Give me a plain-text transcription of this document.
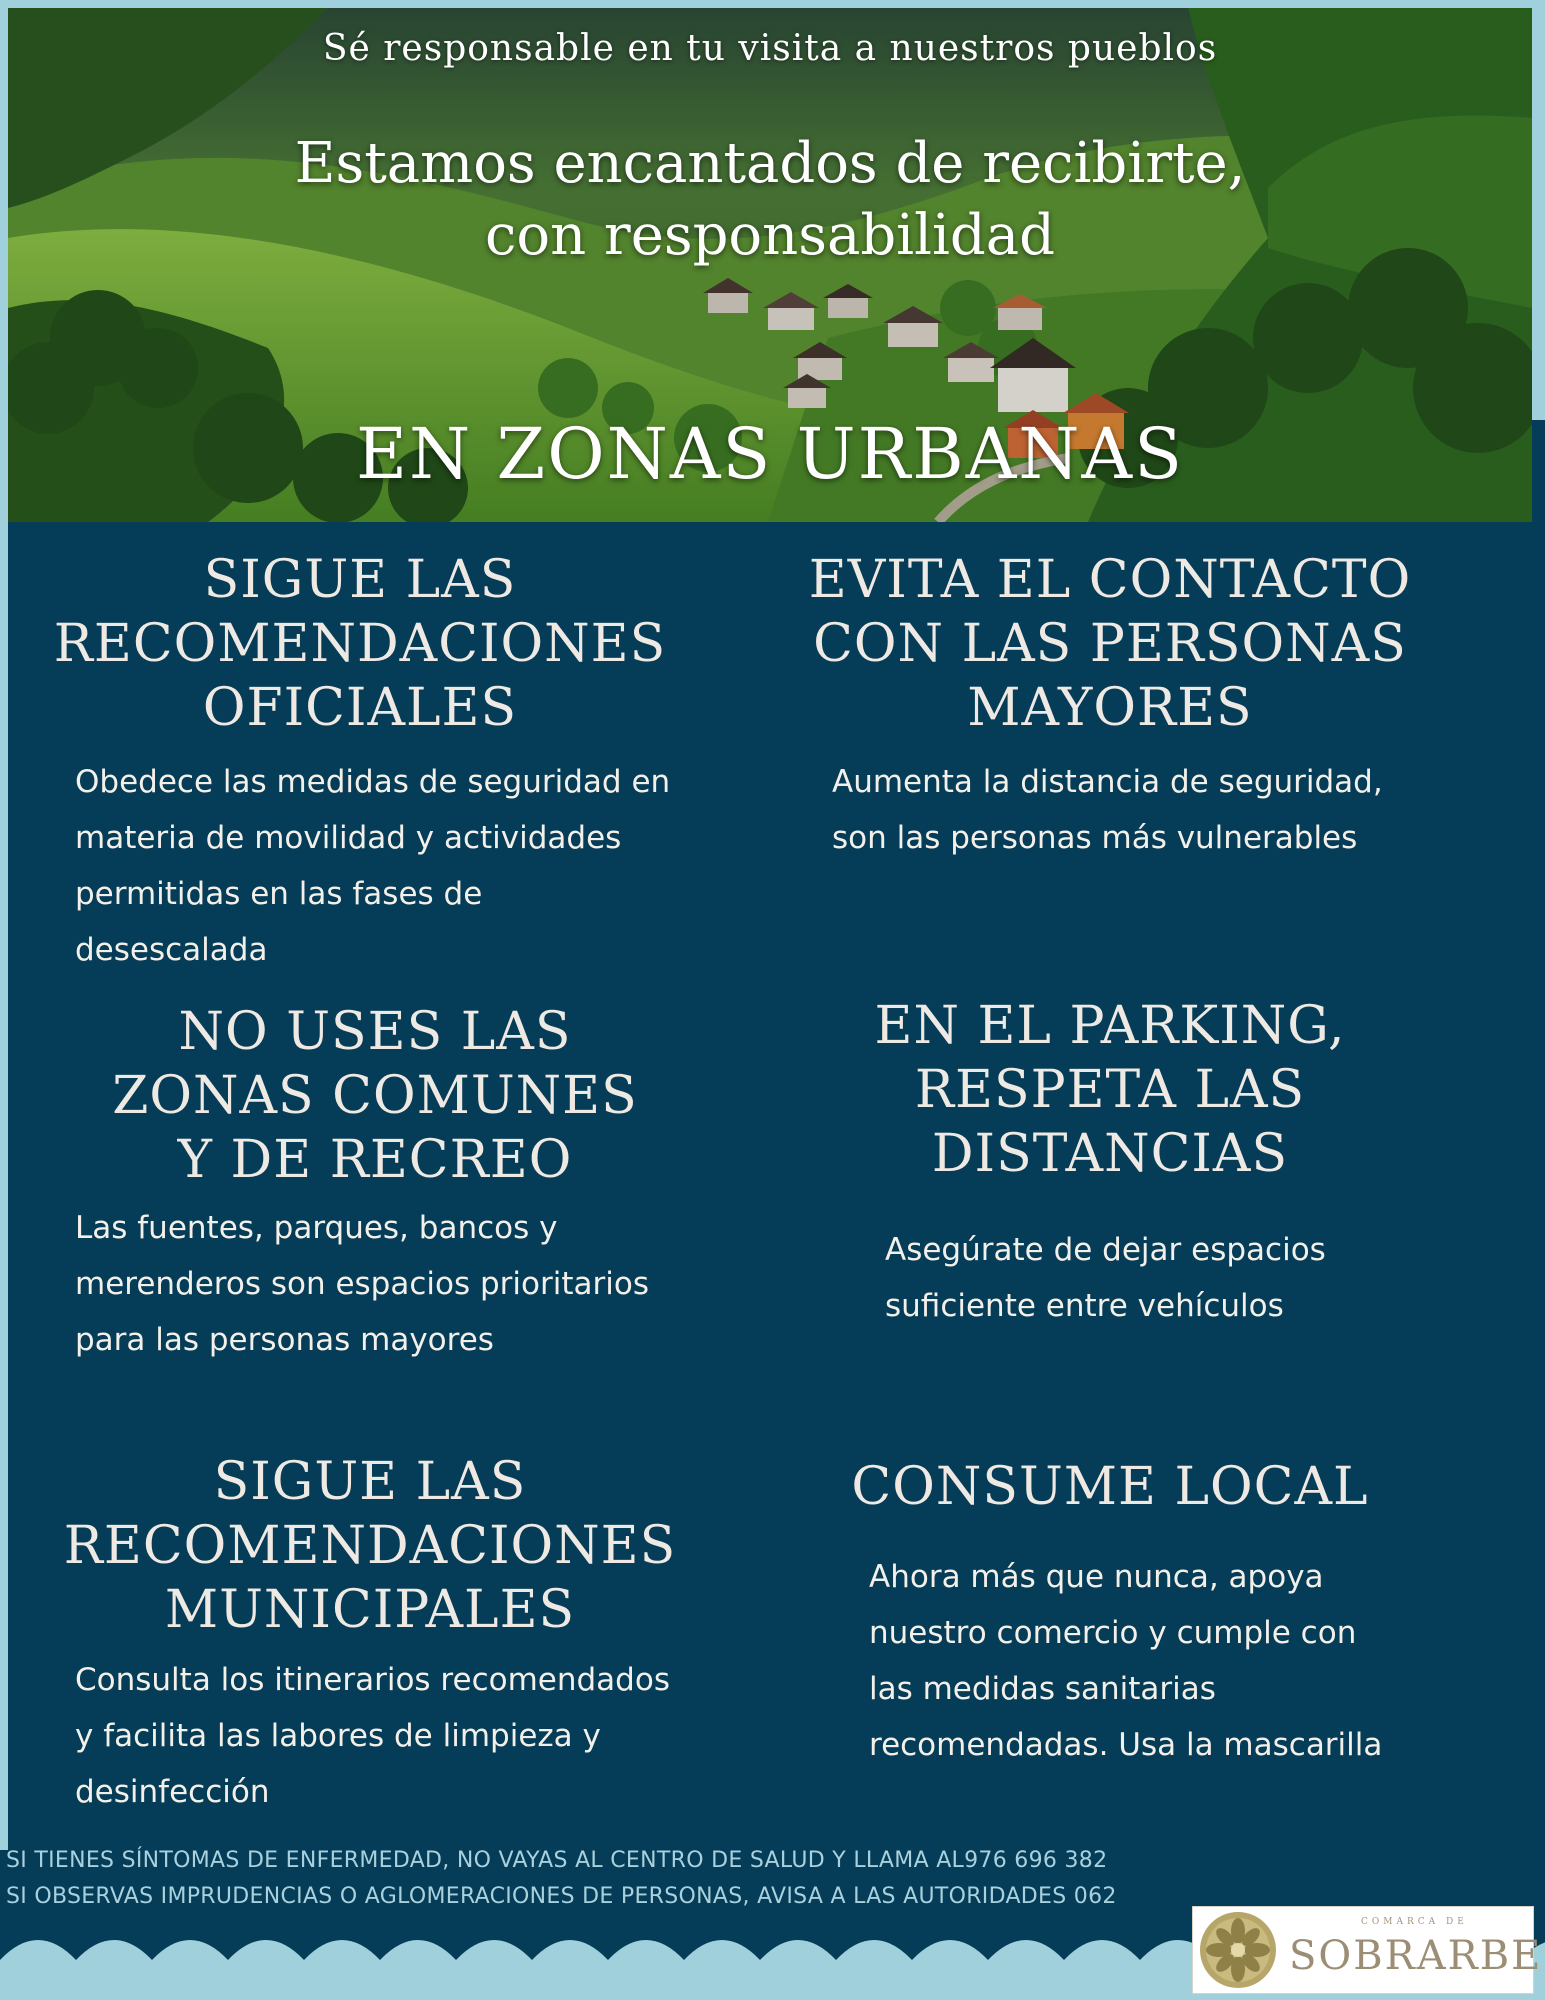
Sé responsable en tu visita a nuestros pueblos
Estamos encantados de recibirte,
con responsabilidad
EN ZONAS URBANAS

SIGUE LAS
RECOMENDACIONES
OFICIALES

Obedece las medidas de seguridad en
materia de movilidad y actividades
permitidas en las fases de desescalada

EVITA EL CONTACTO
CON LAS PERSONAS
MAYORES

Aumenta la distancia de seguridad,
son las personas más vulnerables

NO USES LAS
ZONAS COMUNES
Y DE RECREO

Las fuentes, parques, bancos y
merenderos son espacios prioritarios
para las personas mayores

EN EL PARKING,
RESPETA LAS
DISTANCIAS

Asegúrate de dejar espacios
suficiente entre vehículos

SIGUE LAS
RECOMENDACIONES
MUNICIPALES

Consulta los itinerarios recomendados
y facilita las labores de limpieza y
desinfección

CONSUME LOCAL

Ahora más que nunca, apoya
nuestro comercio y cumple con
las medidas sanitarias
recomendadas. Usa la mascarilla

SI TIENES SÍNTOMAS DE ENFERMEDAD, NO VAYAS AL CENTRO DE SALUD Y LLAMA AL976 696 382
SI OBSERVAS IMPRUDENCIAS O AGLOMERACIONES DE PERSONAS, AVISA A LAS AUTORIDADES 062
COMARCA DE
SOBRARBE
